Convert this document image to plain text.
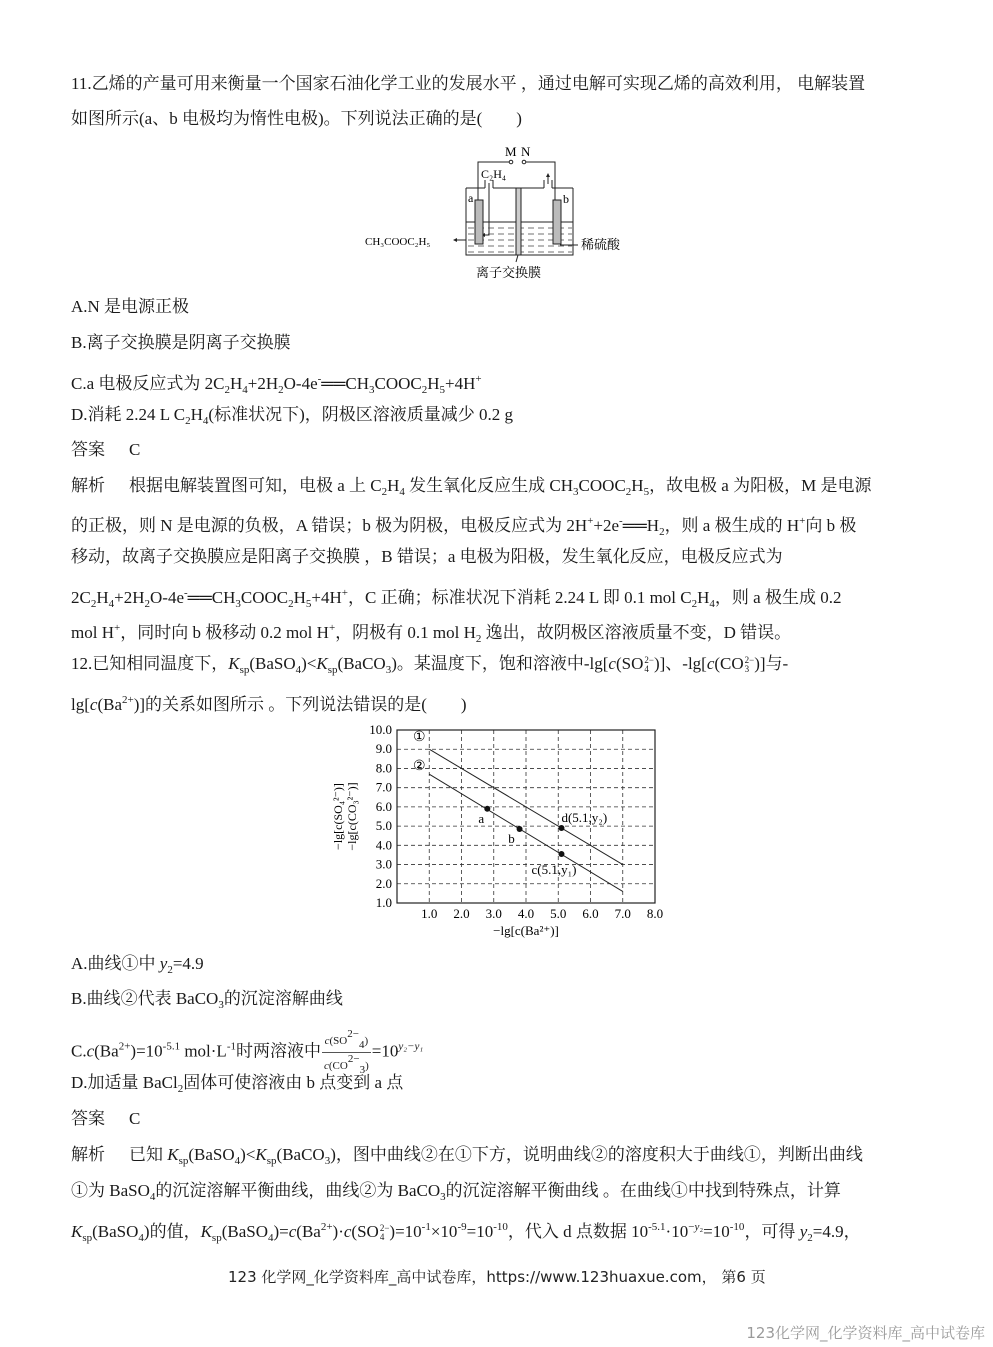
11.乙烯的产量可用来衡量一个国家石油化学工业的发展水平 ，通过电解可实现乙烯的高效利用， 电解装置
如图所示(a、b 电极均为惰性电极)。下列说法正确的是(　　)
M N
C₂H₄
a	b
CH₃COOC₂H₅	稀硫酸
离子交换膜
A.N 是电源正极
B.离子交换膜是阴离子交换膜
C.a 电极反应式为 $2C_2H_4+2H_2O-4e^-══CH_3COOC_2H_5+4H^+$
D.消耗 2.24 L $C_2H_4$(标准状况下)，阴极区溶液质量减少 0.2 g
答案 C
解析 根据电解装置图可知，电极 a 上 $C_2H_4$ 发生氧化反应生成 $CH_3COOC_2H_5$，故电极 a 为阳极，M 是电源
的正极，则 N 是电源的负极，A 错误；b 极为阴极，电极反应式为 $2H^++2e^-══H_2$，则 a 极生成的 H+向 b 极
移动，故离子交换膜应是阳离子交换膜 ，B 错误；a 电极为阳极，发生氧化反应，电极反应式为
$2C_2H_4+2H_2O-4e^-══CH_3COOC_2H_5+4H^+$，C 正确；标准状况下消耗 2.24 L 即 0.1 mol $C_2H_4$，则 a 极生成 0.2
mol H+，同时向 b 极移动 0.2 mol H+，阴极有 0.1 mol $H_2$ 逸出，故阴极区溶液质量不变，D 错误。
12.已知相同温度下，$K_{sp}(BaSO_4)<K_{sp}(BaCO_3)$。某温度下，饱和溶液中-lg[c(SO 2−
4 )]、-lg[c(CO 2−
3 )]与-
$\lg[c(Ba^{2+})]$的关系如图所示 。下列说法错误的是(　　)
1.0 2.0 3.0 4.0 5.0 6.0 7.0 8.0
1.0
2.0
3.0
4.0
5.0
6.0
7.0
8.0
9.0
10.0
①
②
a
b
d(5.1,y₂)
c(5.1,y₁)
−lg[c(Ba²⁺)]
−lg[c(SO₄²⁻)] −lg[c(CO₃²⁻)]
A.曲线①中 $y_2=4.9$
B.曲线②代表 BaCO$_3$的沉淀溶解曲线
$C.c(Ba^{2+})=10^{-5.1}$ $mol\cdot L^{-1}$时两溶液中 $\frac{c(SO2-4)}{c(CO2-3)} =10^{y_2-y_1}$
D.加适量 BaCl$_2$固体可使溶液由 b 点变到 a 点
答案 C
解析 已知 $K_{sp}(BaSO_4)<K_{sp}(BaCO_3)$，图中曲线②在①下方，说明曲线②的溶度积大于曲线①，判断出曲线
①为 BaSO$_4$的沉淀溶解平衡曲线，曲线②为 BaCO$_3$的沉淀溶解平衡曲线 。在曲线①中找到特殊点，计算
$K_{sp}(BaSO_4)$的值，$K_{sp}(BaSO_4)=c(Ba^{2+})\cdot c(SO$ 2−
4 )$=10^{-1}\times 10^{-9}=10^{-10}$，代入 d 点数据 $10^{-5.1}\cdot 10^{-y_2}=10^{-10}$，可得 $y_2=4.9$，
123 化学网_化学资料库_高中试卷库，https://www.123huaxue.com， 第6 页
123化学网_化学资料库_高中试卷库
